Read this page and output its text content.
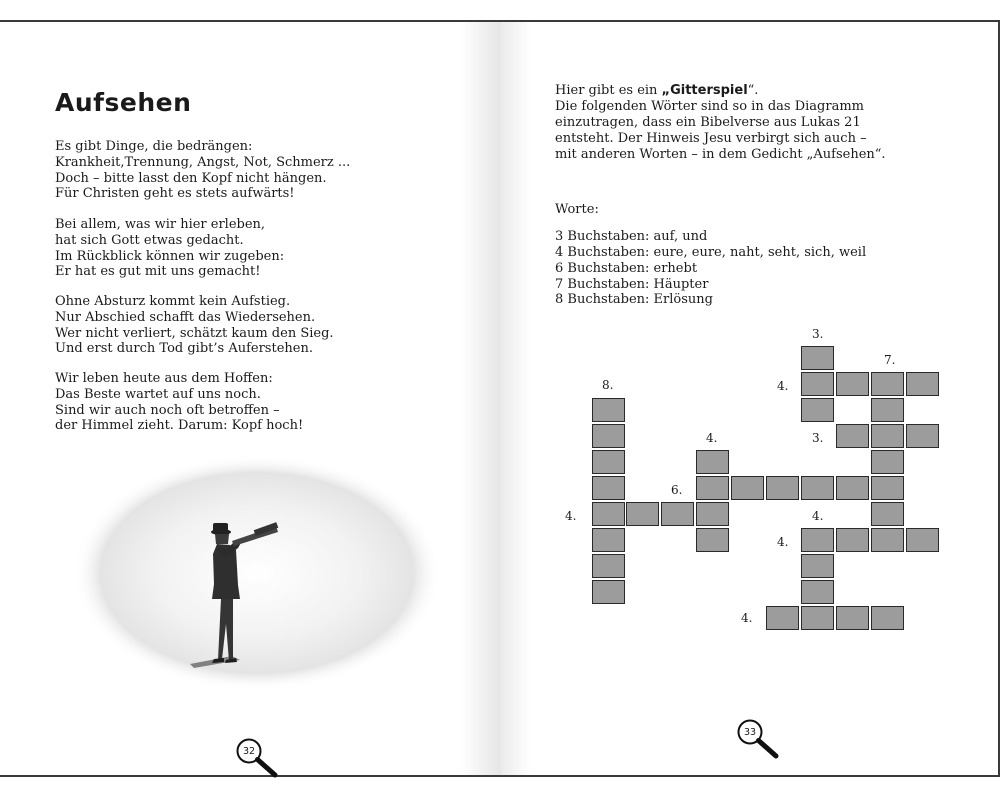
Aufsehen
Es gibt Dinge, die bedrängen:
Krankheit,Trennung, Angst, Not, Schmerz ...
Doch – bitte lasst den Kopf nicht hängen.
Für Christen geht es stets aufwärts!
Bei allem, was wir hier erleben,
hat sich Gott etwas gedacht.
Im Rückblick können wir zugeben:
Er hat es gut mit uns gemacht!
Ohne Absturz kommt kein Aufstieg.
Nur Abschied schafft das Wiedersehen.
Wer nicht verliert, schätzt kaum den Sieg.
Und erst durch Tod gibt’s Auferstehen.
Wir leben heute aus dem Hoffen:
Das Beste wartet auf uns noch.
Sind wir auch noch oft betroffen –
der Himmel zieht. Darum: Kopf hoch!
32
Hier gibt es ein „Gitterspiel“.
Die folgenden Wörter sind so in das Diagramm
einzutragen, dass ein Bibelverse aus Lukas 21
entsteht. Der Hinweis Jesu verbirgt sich auch –
mit anderen Worten – in dem Gedicht „Aufsehen“.
Worte:
3 Buchstaben: auf, und
4 Buchstaben: eure, eure, naht, seht, sich, weil
6 Buchstaben: erhebt
7 Buchstaben: Häupter
8 Buchstaben: Erlösung
8.
4.
6.
4.
3.
7.
4.
3.
4.
4.
4.
33
